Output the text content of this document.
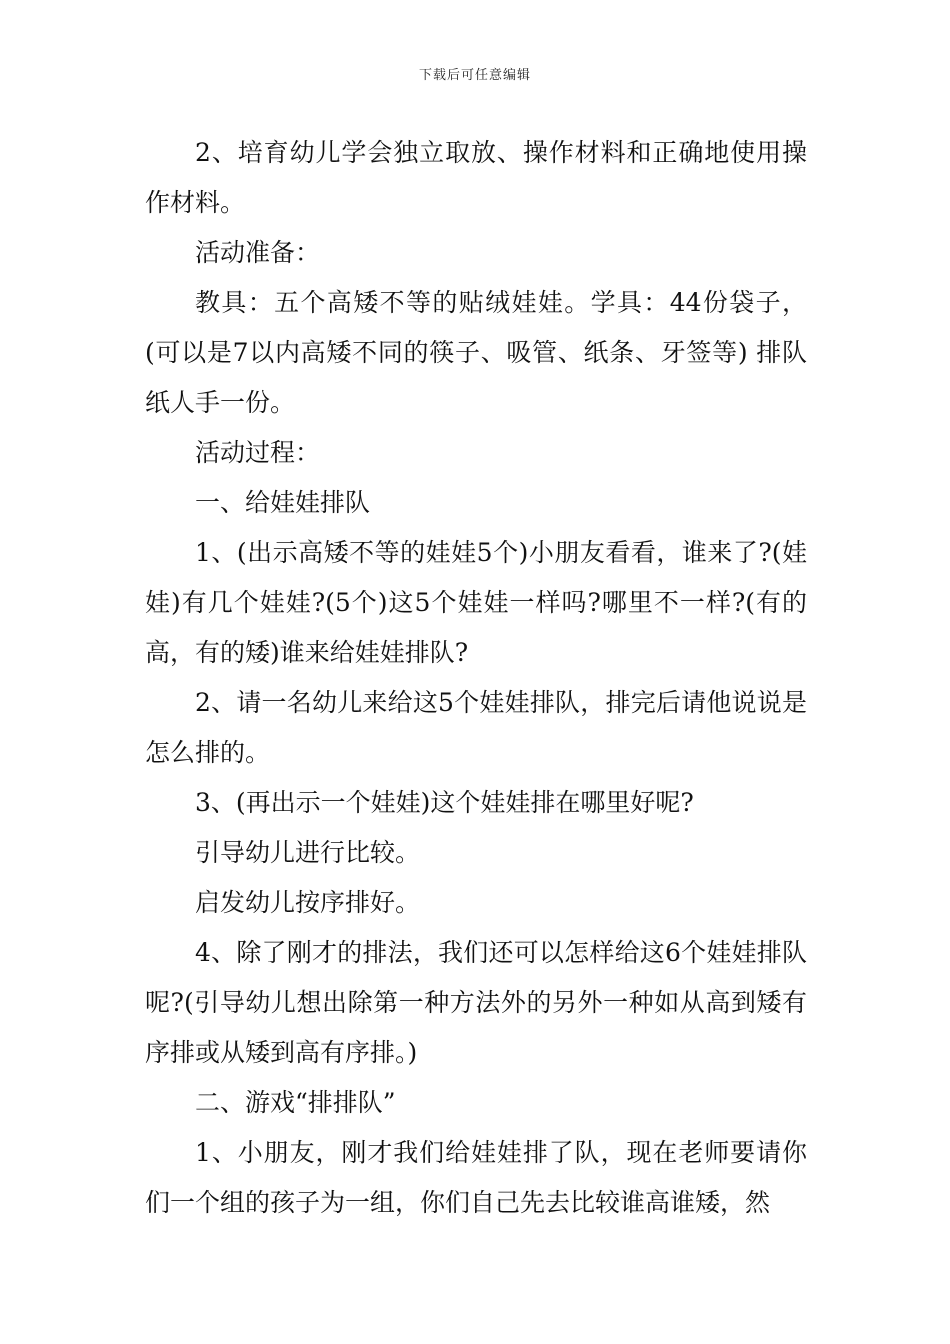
下载后可任意编辑

2、培育幼儿学会独立取放、操作材料和正确地使用操作材料。

活动准备：

教具：五个高矮不等的贴绒娃娃。学具：44份袋子，(可以是7以内高矮不同的筷子、吸管、纸条、牙签等) 排队纸人手一份。

活动过程：

一、给娃娃排队

1、(出示高矮不等的娃娃5个)小朋友看看，谁来了?(娃娃)有几个娃娃?(5个)这5个娃娃一样吗?哪里不一样?(有的高，有的矮)谁来给娃娃排队?

2、请一名幼儿来给这5个娃娃排队，排完后请他说说是怎么排的。

3、(再出示一个娃娃)这个娃娃排在哪里好呢?

引导幼儿进行比较。

启发幼儿按序排好。

4、除了刚才的排法，我们还可以怎样给这6个娃娃排队呢?(引导幼儿想出除第一种方法外的另外一种如从高到矮有序排或从矮到高有序排。)

二、游戏“排排队”

1、小朋友，刚才我们给娃娃排了队，现在老师要请你们一个组的孩子为一组，你们自己先去比较谁高谁矮，然
